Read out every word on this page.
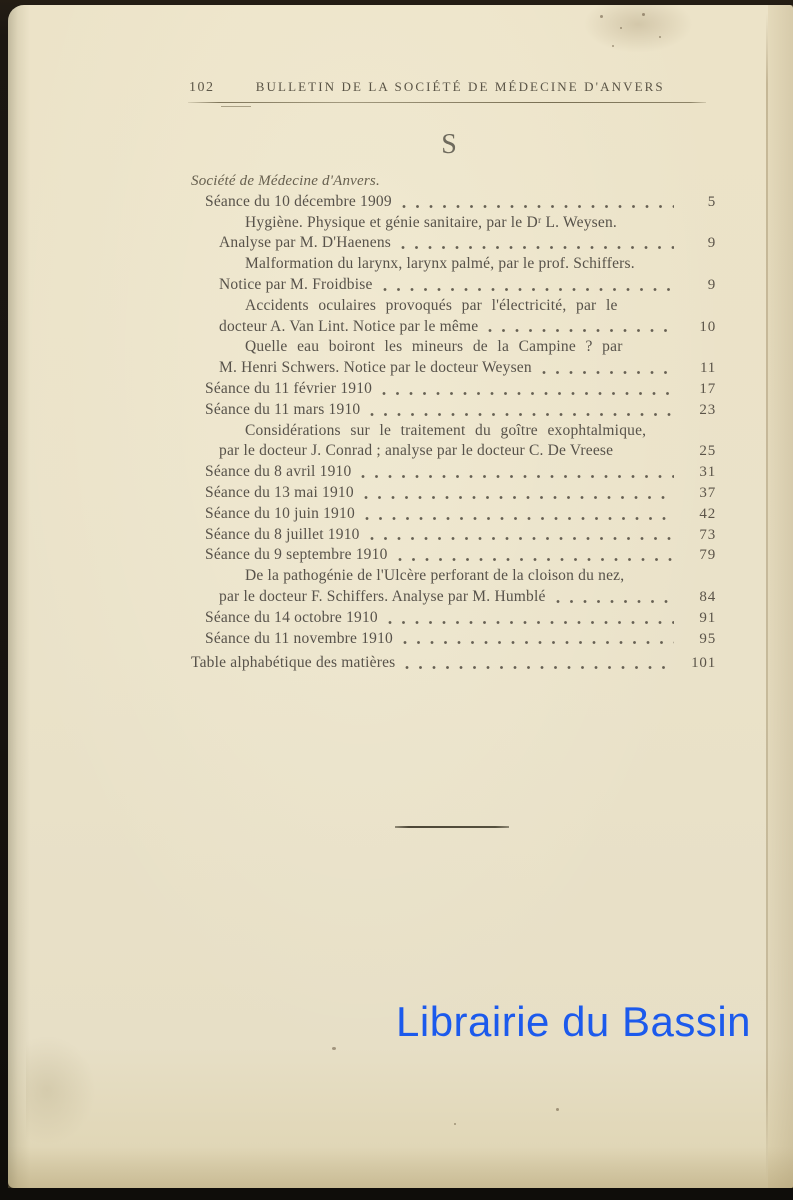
102	BULLETIN DE LA SOCIÉTÉ DE MÉDECINE D'ANVERS
S
Société de Médecine d'Anvers.
Séance du 10 décembre 1909	5
Hygiène. Physique et génie sanitaire, par le Dʳ L. Weysen.
Analyse par M. D'Haenens	9
Malformation du larynx, larynx palmé, par le prof. Schiffers.
Notice par M. Froidbise	9
Accidents oculaires provoqués par l'électricité, par le
docteur A. Van Lint. Notice par le même	10
Quelle eau boiront les mineurs de la Campine ? par
M. Henri Schwers. Notice par le docteur Weysen	11
Séance du 11 février 1910	17
Séance du 11 mars 1910	23
Considérations sur le traitement du goître exophtalmique,
par le docteur J. Conrad ; analyse par le docteur C. De Vreese	25
Séance du 8 avril 1910	31
Séance du 13 mai 1910	37
Séance du 10 juin 1910	42
Séance du 8 juillet 1910	73
Séance du 9 septembre 1910	79
De la pathogénie de l'Ulcère perforant de la cloison du nez,
par le docteur F. Schiffers. Analyse par M. Humblé	84
Séance du 14 octobre 1910	91
Séance du 11 novembre 1910	95
Table alphabétique des matières	101
Librairie du Bassin
